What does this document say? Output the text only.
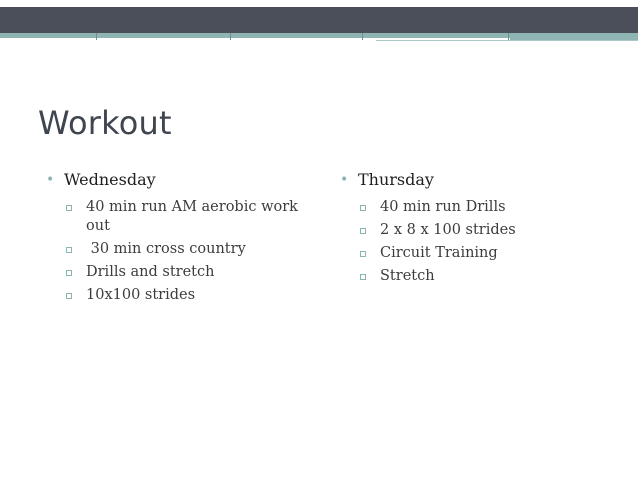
Workout
• Wednesday
40 min run AM aerobic work out
30 min cross country
Drills and stretch
10x100 strides
• Thursday
40 min run Drills
2 x 8 x 100 strides
Circuit Training
Stretch
